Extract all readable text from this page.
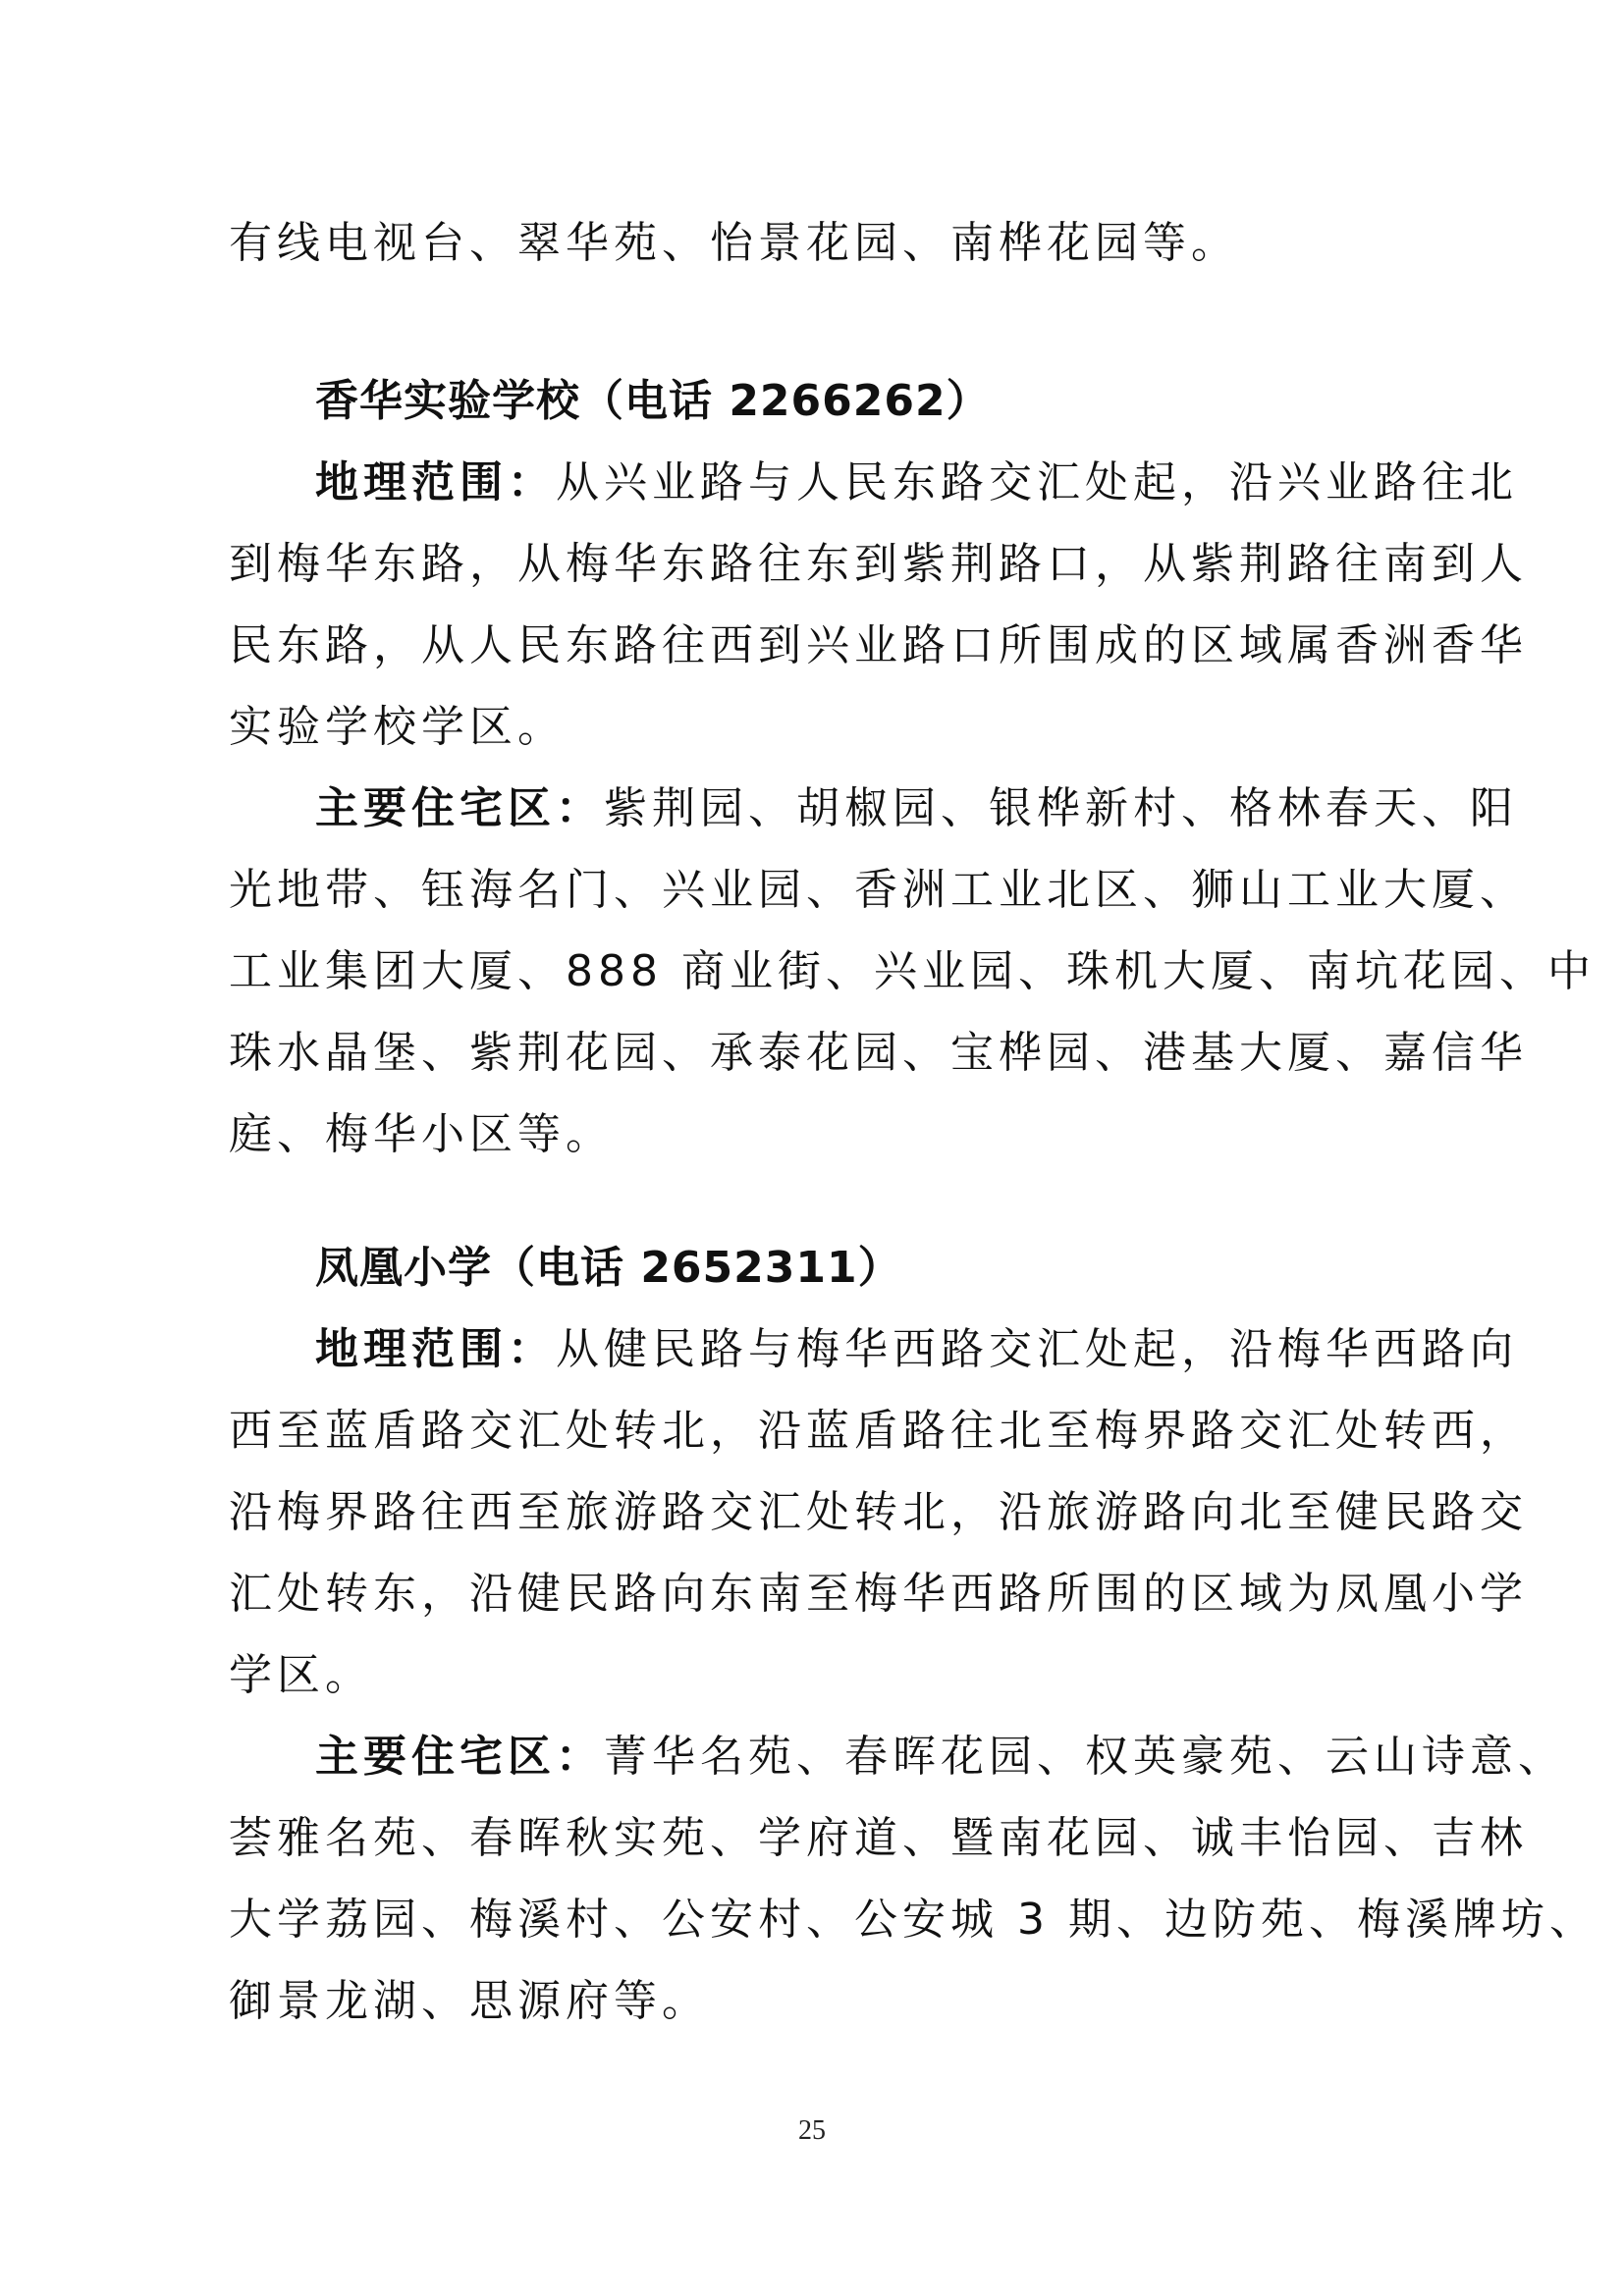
有线电视台、翠华苑、怡景花园、南桦花园等。
香华实验学校（电话 2266262）
地理范围：从兴业路与人民东路交汇处起，沿兴业路往北
到梅华东路，从梅华东路往东到紫荆路口，从紫荆路往南到人
民东路，从人民东路往西到兴业路口所围成的区域属香洲香华
实验学校学区。
主要住宅区：紫荆园、胡椒园、银桦新村、格林春天、阳
光地带、钰海名门、兴业园、香洲工业北区、狮山工业大厦、
工业集团大厦、888 商业街、兴业园、珠机大厦、南坑花园、中
珠水晶堡、紫荆花园、承泰花园、宝桦园、港基大厦、嘉信华
庭、梅华小区等。
凤凰小学（电话 2652311）
地理范围：从健民路与梅华西路交汇处起，沿梅华西路向
西至蓝盾路交汇处转北，沿蓝盾路往北至梅界路交汇处转西，
沿梅界路往西至旅游路交汇处转北，沿旅游路向北至健民路交
汇处转东，沿健民路向东南至梅华西路所围的区域为凤凰小学
学区。
主要住宅区：菁华名苑、春晖花园、权英豪苑、云山诗意、
荟雅名苑、春晖秋实苑、学府道、暨南花园、诚丰怡园、吉林
大学荔园、梅溪村、公安村、公安城 3 期、边防苑、梅溪牌坊、
御景龙湖、思源府等。
25
